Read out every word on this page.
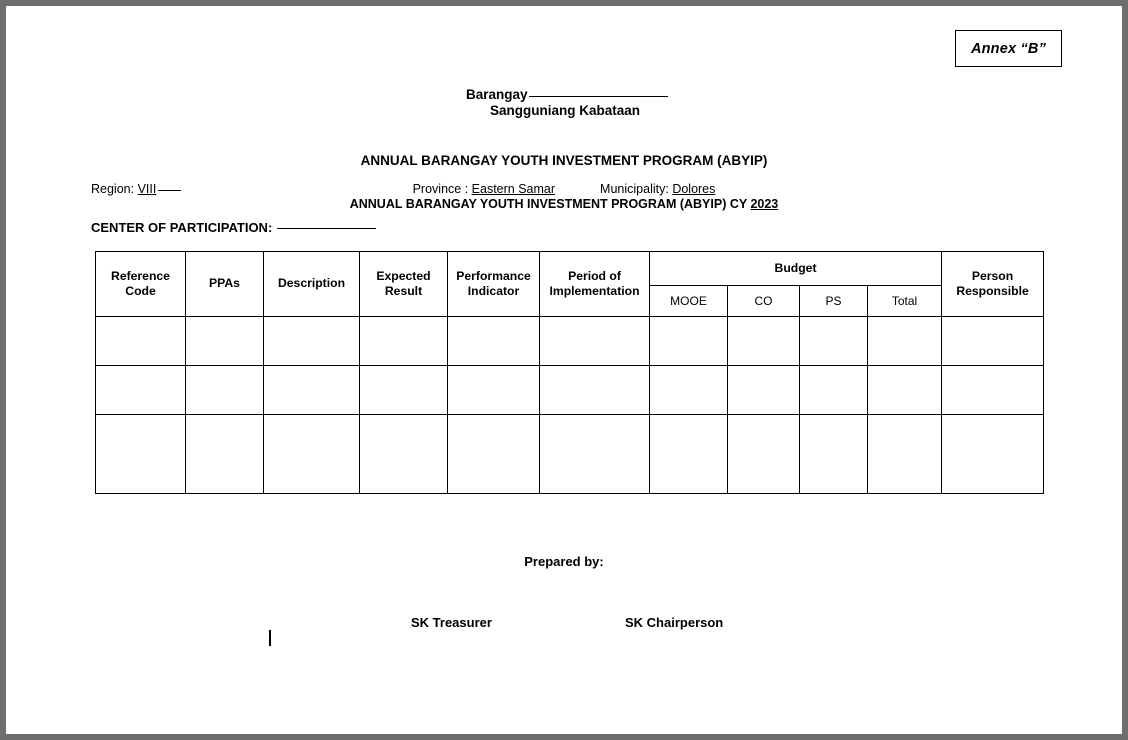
Annex “B”
Barangay
Sangguniang Kabataan
ANNUAL BARANGAY YOUTH INVESTMENT PROGRAM (ABYIP)
Region: VIII	Province : Eastern Samar	Municipality: Dolores
ANNUAL BARANGAY YOUTH INVESTMENT PROGRAM (ABYIP) CY 2023
CENTER OF PARTICIPATION:
Reference Code	PPAs	Description	Expected Result	Performance Indicator	Period of Implementation	Budget				Person Responsible
						MOOE	CO	PS	Total	

Prepared by:
SK Treasurer	SK Chairperson
